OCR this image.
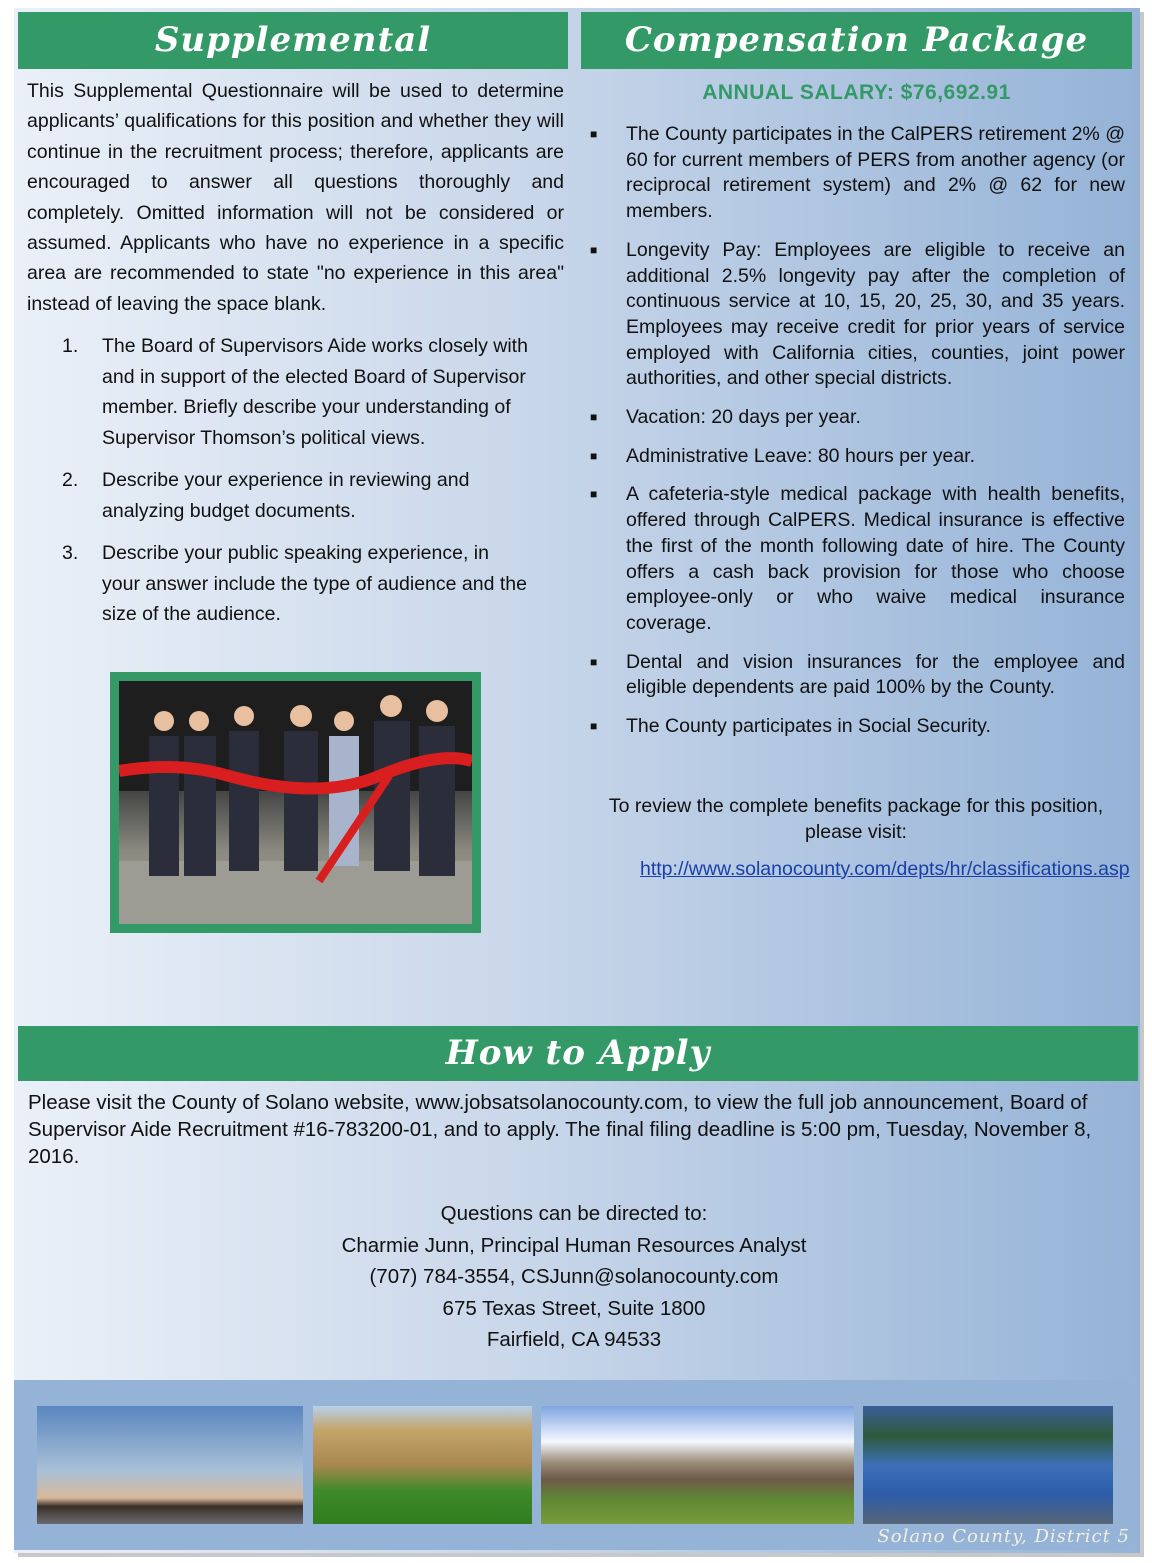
Supplemental	Compensation Package

This Supplemental Questionnaire will be used to determine applicants’ qualifications for this position and whether they will continue in the recruitment process; therefore, applicants are encouraged to answer all questions thoroughly and completely. Omitted information will not be considered or assumed. Applicants who have no experience in a specific area are recommended to state "no experience in this area" instead of leaving the space blank.

1.	The Board of Supervisors Aide works closely with and in support of the elected Board of Supervisor member. Briefly describe your understanding of Supervisor Thomson’s political views.
2.	Describe your experience in reviewing and analyzing budget documents.
3.	Describe your public speaking experience, in your answer include the type of audience and the size of the audience.
ANNUAL SALARY: $76,692.91
■	The County participates in the CalPERS retirement 2% @ 60 for current members of PERS from another agency (or reciprocal retirement system) and 2% @ 62 for new members.
■	Longevity Pay: Employees are eligible to receive an additional 2.5% longevity pay after the completion of continuous service at 10, 15, 20, 25, 30, and 35 years. Employees may receive credit for prior years of service employed with California cities, counties, joint power authorities, and other special districts.
■	Vacation: 20 days per year.
■	Administrative Leave: 80 hours per year.
■	A cafeteria-style medical package with health benefits, offered through CalPERS. Medical insurance is effective the first of the month following date of hire. The County offers a cash back provision for those who choose employee-only or who waive medical insurance coverage.
■	Dental and vision insurances for the employee and eligible dependents are paid 100% by the County.
■	The County participates in Social Security.
To review the complete benefits package for this position, please visit:
http://www.solanocounty.com/depts/hr/classifications.asp
How to Apply

Please visit the County of Solano website, www.jobsatsolanocounty.com, to view the full job announcement, Board of Supervisor Aide Recruitment #16-783200-01, and to apply. The final filing deadline is 5:00 pm, Tuesday, November 8, 2016.

Questions can be directed to:
Charmie Junn, Principal Human Resources Analyst
(707) 784-3554, CSJunn@solanocounty.com
675 Texas Street, Suite 1800
Fairfield, CA 94533
Solano County, District 5
